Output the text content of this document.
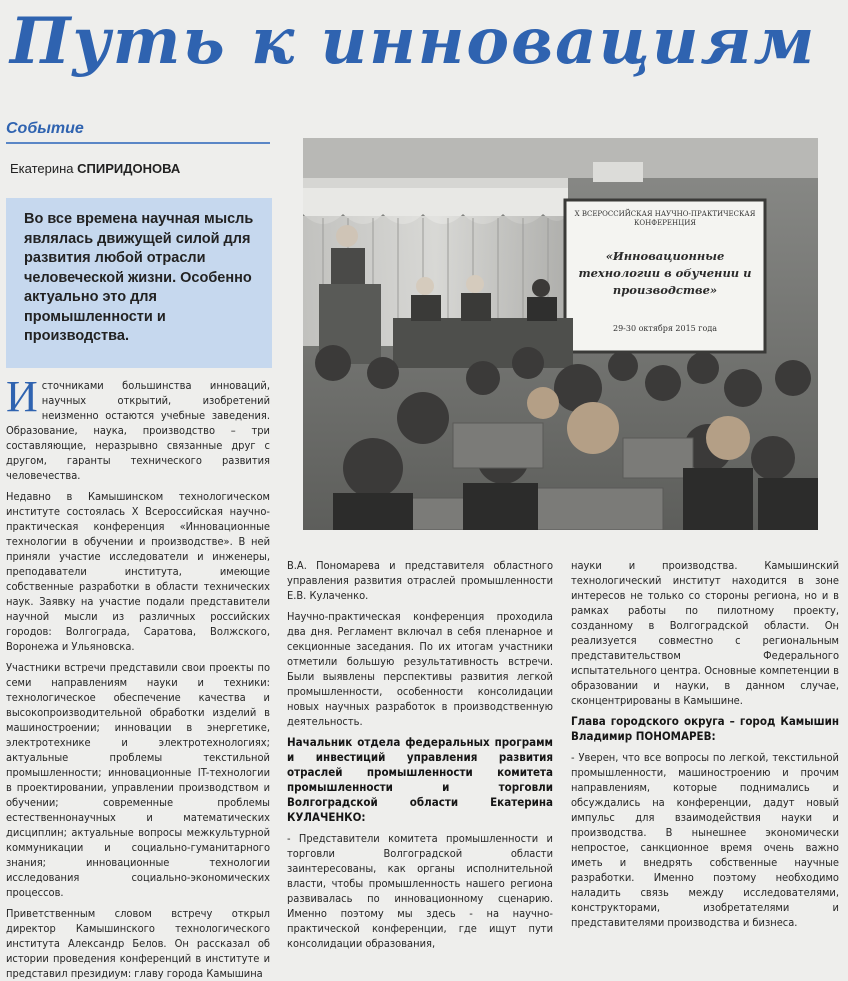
Путь к инновациям
Событие
Екатерина СПИРИДОНОВА
Во все времена научная мысль являлась движущей силой для развития любой отрасли человеческой жизни. Особенно актуально это для промышленности и производства.
X ВСЕРОССИЙСКАЯ НАУЧНО-ПРАКТИЧЕСКАЯ
КОНФЕРЕНЦИЯ
«Инновационные технологии в обучении и производстве»
29-30 октября 2015 года

Источниками большинства инноваций, научных открытий, изобретений неизменно остаются учебные заведения. Образование, наука, производство – три составляющие, неразрывно связанные друг с другом, гаранты технического развития человечества.

Недавно в Камышинском технологическом институте состоялась X Всероссийская научно-практическая конференция «Инновационные технологии в обучении и производстве». В ней приняли участие исследователи и инженеры, преподаватели института, имеющие собственные разработки в области технических наук. Заявку на участие подали представители научной мысли из различных российских городов: Волгограда, Саратова, Волжского, Воронежа и Ульяновска.

Участники встречи представили свои проекты по семи направлениям науки и техники: технологическое обеспечение качества и высокопроизводительной обработки изделий в машиностроении; инновации в энергетике, электротехнике и электротехнологиях; актуальные проблемы текстильной промышленности; инновационные IT-технологии в проектировании, управлении производством и обучении; современные проблемы естественнонаучных и математических дисциплин; актуальные вопросы межкультурной коммуникации и социально-гуманитарного знания; инновационные технологии исследования социально-экономических процессов.

Приветственным словом встречу открыл директор Камышинского технологического института Александр Белов. Он рассказал об истории проведения конференций в институте и представил президиум: главу города Камышина

В.А. Пономарева и представителя областного управления развития отраслей промышленности Е.В. Кулаченко.

Научно-практическая конференция проходила два дня. Регламент включал в себя пленарное и секционные заседания. По их итогам участники отметили большую результативность встречи. Были выявлены перспективы развития легкой промышленности, особенности консолидации новых научных разработок в производственную деятельность.

Начальник отдела федеральных программ и инвестиций управления развития отраслей промышленности комитета промышленности и торговли Волгоградской области Екатерина КУЛАЧЕНКО:

- Представители комитета промышленности и торговли Волгоградской области заинтересованы, как органы исполнительной власти, чтобы промышленность нашего региона развивалась по инновационному сценарию. Именно поэтому мы здесь - на научно-практической конференции, где ищут пути консолидации образования,

науки и производства. Камышинский технологический институт находится в зоне интересов не только со стороны региона, но и в рамках работы по пилотному проекту, созданному в Волгоградской области. Он реализуется совместно с региональным представительством Федерального испытательного центра. Основные компетенции в образовании и науки, в данном случае, сконцентрированы в Камышине.

Глава городского округа – город Камышин Владимир ПОНОМАРЕВ:

- Уверен, что все вопросы по легкой, текстильной промышленности, машиностроению и прочим направлениям, которые поднимались и обсуждались на конференции, дадут новый импульс для взаимодействия науки и производства. В нынешнее экономически непростое, санкционное время очень важно иметь и внедрять собственные научные разработки. Именно поэтому необходимо наладить связь между исследователями, конструкторами, изобретателями и представителями производства и бизнеса.
